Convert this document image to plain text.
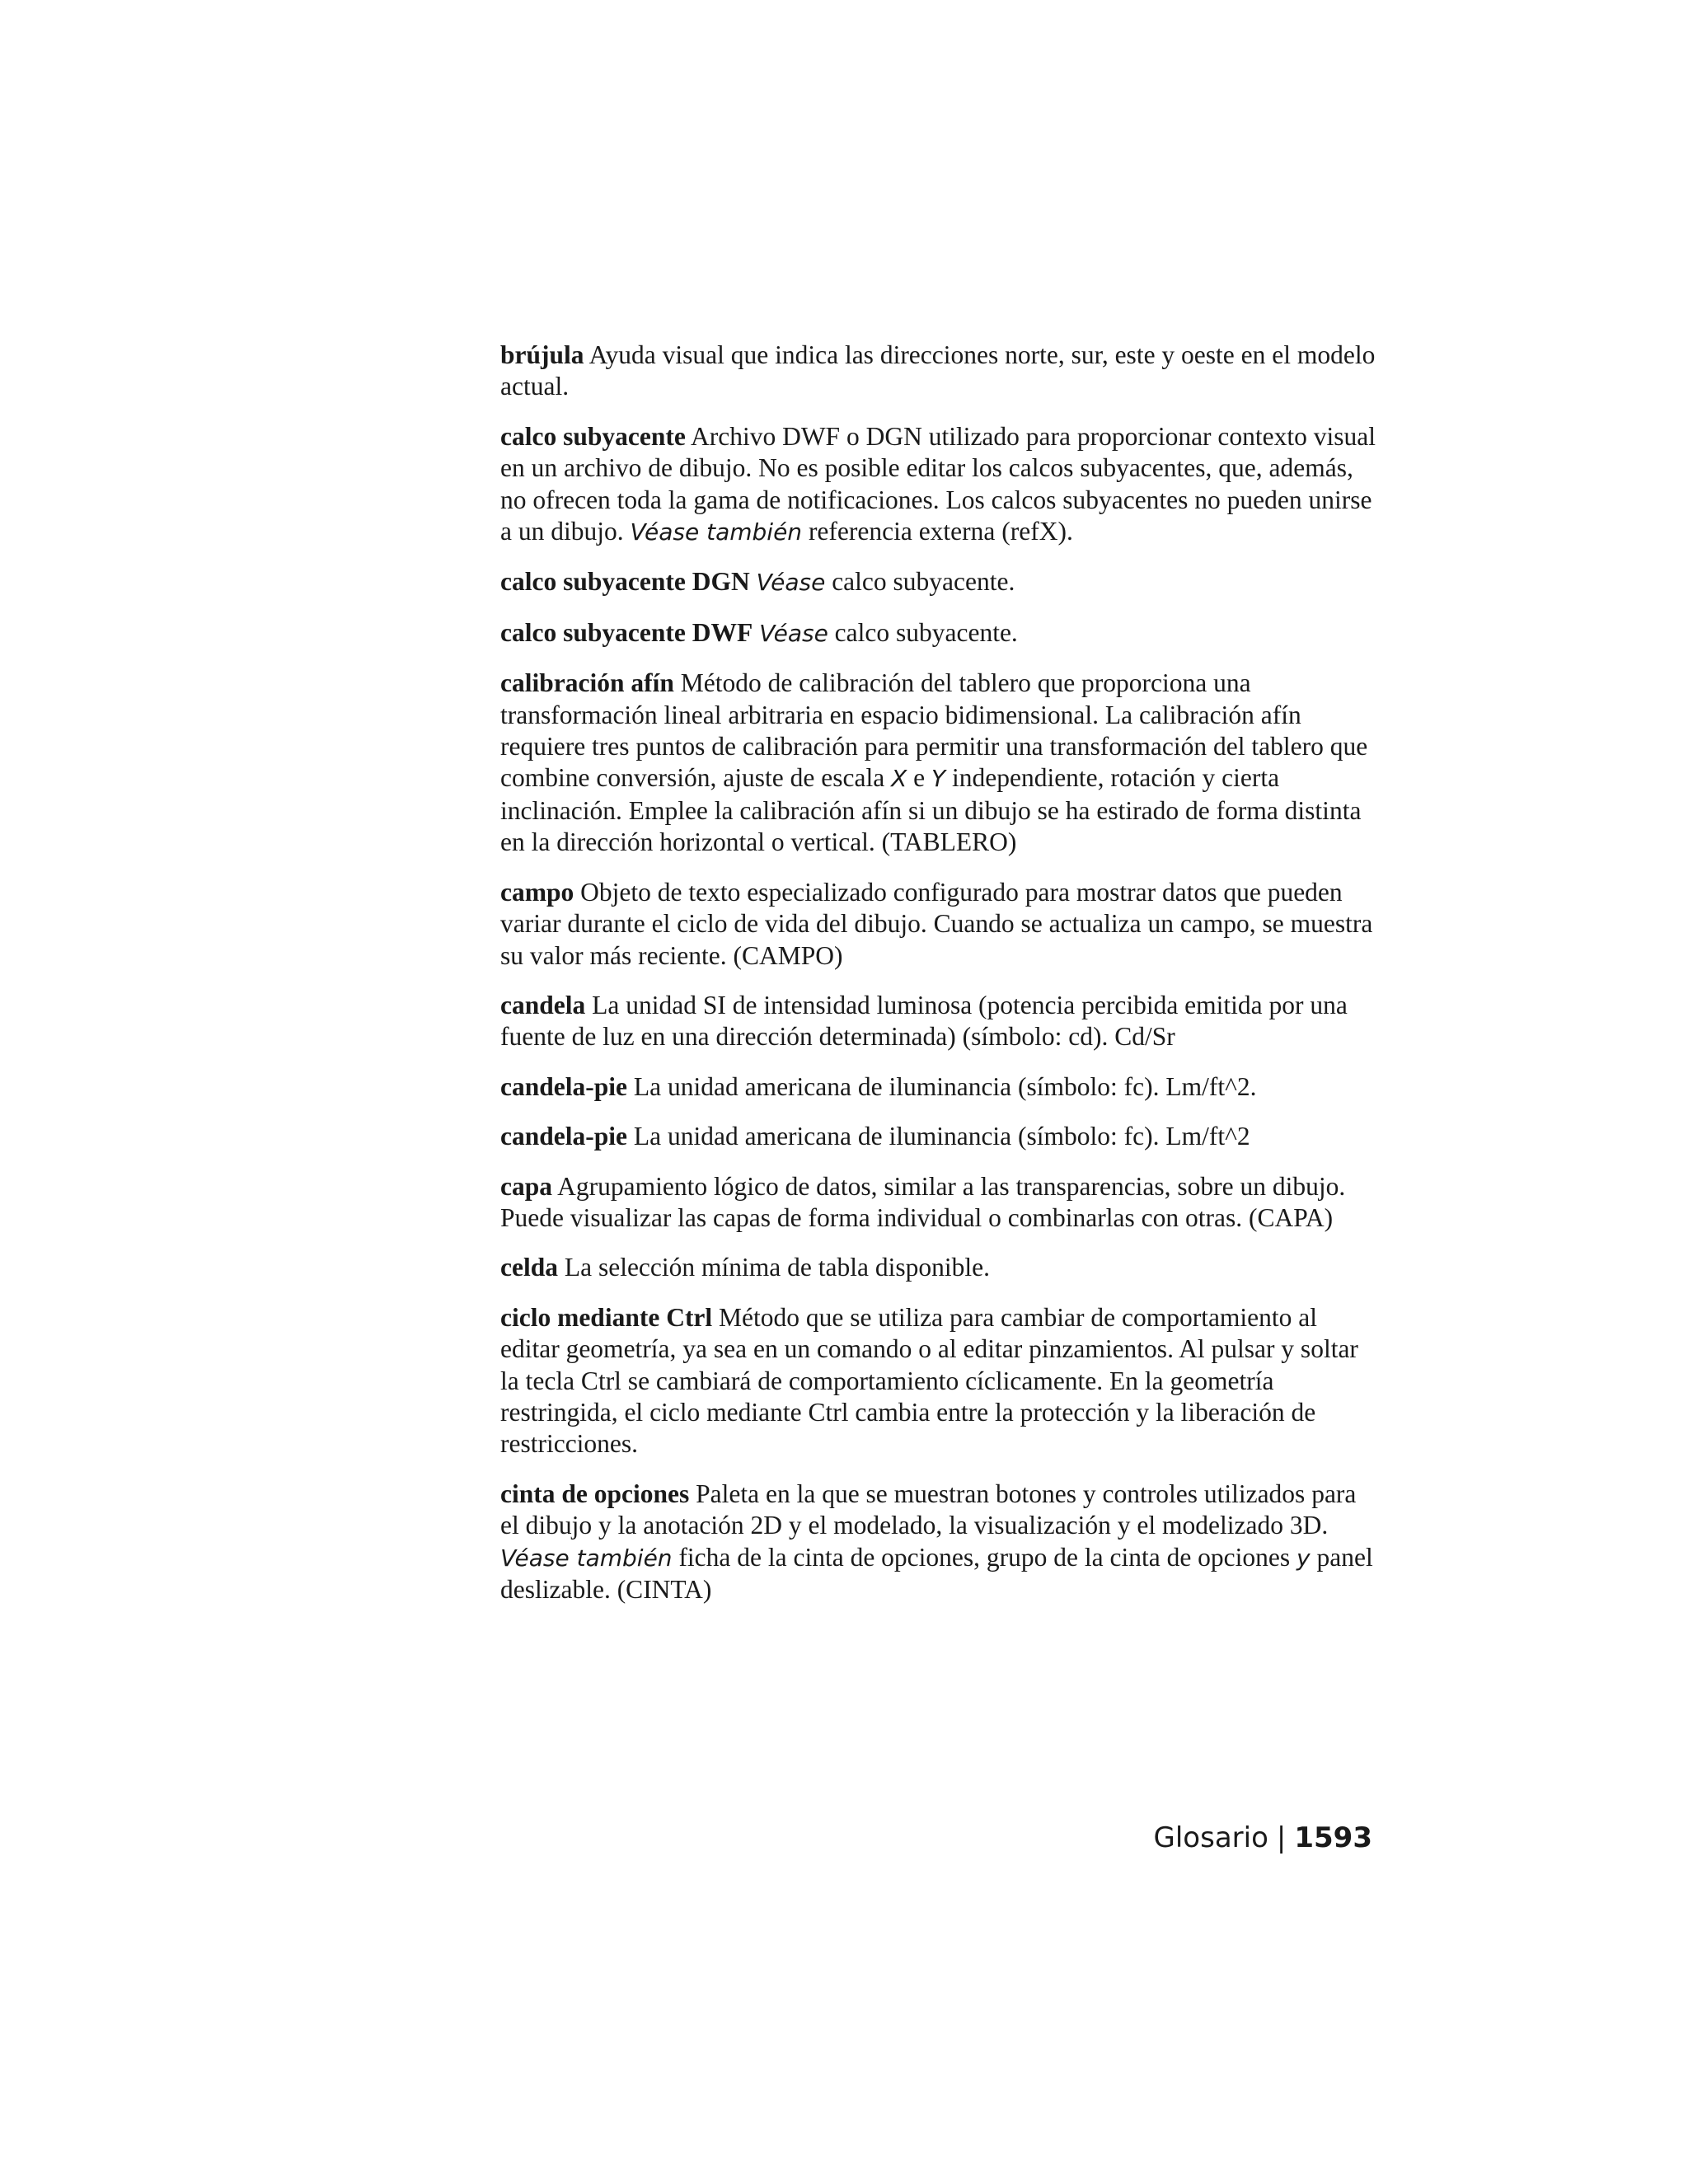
brújula Ayuda visual que indica las direcciones norte, sur, este y oeste en el modelo actual.

calco subyacente Archivo DWF o DGN utilizado para proporcionar contexto visual en un archivo de dibujo. No es posible editar los calcos subyacentes, que, además, no ofrecen toda la gama de notificaciones. Los calcos subyacentes no pueden unirse a un dibujo. Véase también referencia externa (refX).

calco subyacente DGN Véase calco subyacente.

calco subyacente DWF Véase calco subyacente.

calibración afín Método de calibración del tablero que proporciona una transformación lineal arbitraria en espacio bidimensional. La calibración afín requiere tres puntos de calibración para permitir una transformación del tablero que combine conversión, ajuste de escala X e Y independiente, rotación y cierta inclinación. Emplee la calibración afín si un dibujo se ha estirado de forma distinta en la dirección horizontal o vertical. (TABLERO)

campo Objeto de texto especializado configurado para mostrar datos que pueden variar durante el ciclo de vida del dibujo. Cuando se actualiza un campo, se muestra su valor más reciente. (CAMPO)

candela La unidad SI de intensidad luminosa (potencia percibida emitida por una fuente de luz en una dirección determinada) (símbolo: cd). Cd/Sr

candela-pie La unidad americana de iluminancia (símbolo: fc). Lm/ft^2.

candela-pie La unidad americana de iluminancia (símbolo: fc). Lm/ft^2

capa Agrupamiento lógico de datos, similar a las transparencias, sobre un dibujo. Puede visualizar las capas de forma individual o combinarlas con otras. (CAPA)

celda La selección mínima de tabla disponible.

ciclo mediante Ctrl Método que se utiliza para cambiar de comportamiento al editar geometría, ya sea en un comando o al editar pinzamientos. Al pulsar y soltar la tecla Ctrl se cambiará de comportamiento cíclicamente. En la geometría restringida, el ciclo mediante Ctrl cambia entre la protección y la liberación de restricciones.

cinta de opciones Paleta en la que se muestran botones y controles utilizados para el dibujo y la anotación 2D y el modelado, la visualización y el modelizado 3D. Véase también ficha de la cinta de opciones, grupo de la cinta de opciones y panel deslizable. (CINTA)

Glosario | 1593
